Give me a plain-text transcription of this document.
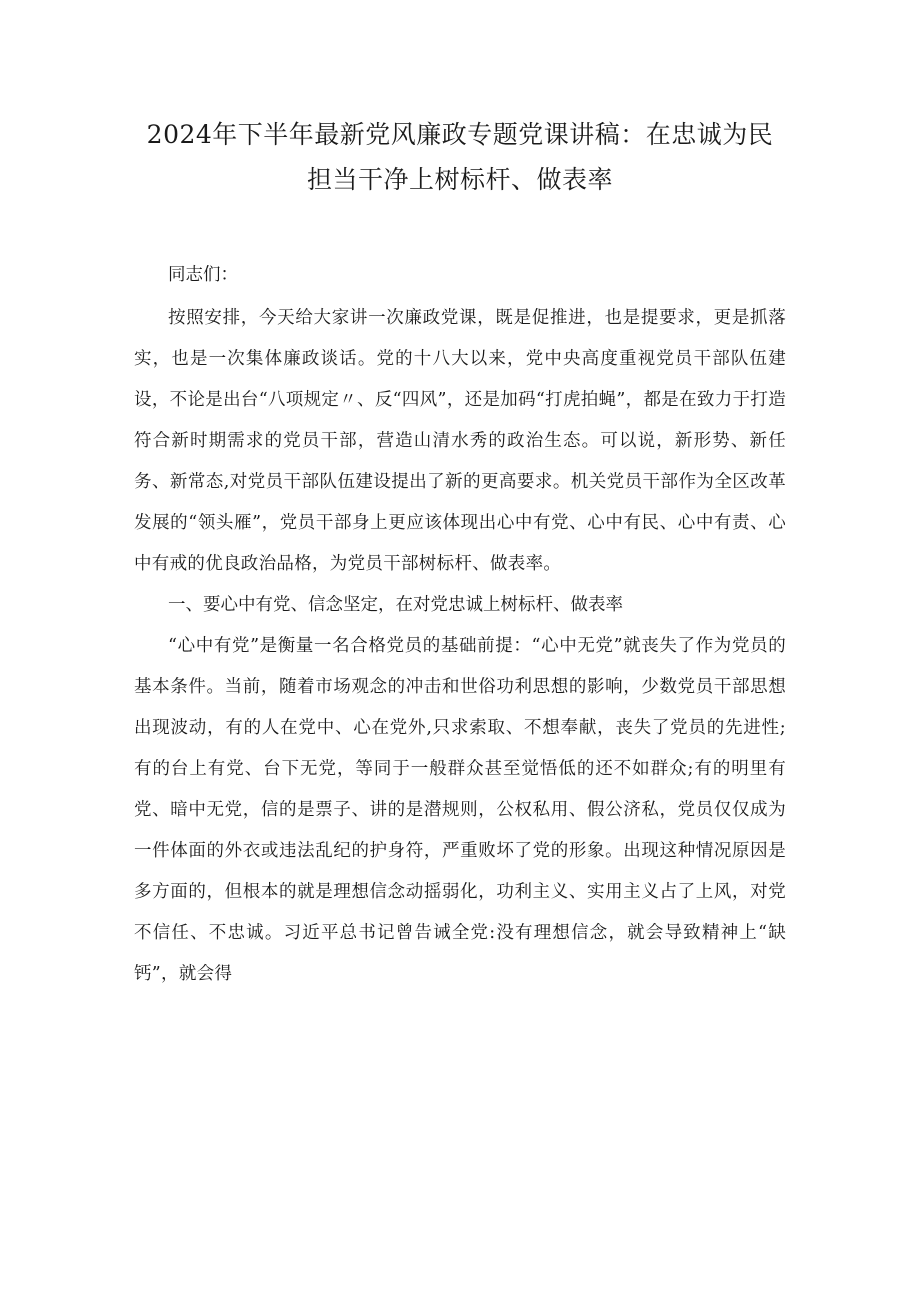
2024年下半年最新党风廉政专题党课讲稿：在忠诚为民担当干净上树标杆、做表率

同志们：

按照安排，今天给大家讲一次廉政党课，既是促推进，也是提要求，更是抓落实，也是一次集体廉政谈话。党的十八大以来，党中央高度重视党员干部队伍建设，不论是出台“八项规定〃、反“四风”，还是加码“打虎拍蝇”，都是在致力于打造符合新时期需求的党员干部，营造山清水秀的政治生态。可以说，新形势、新任务、新常态,对党员干部队伍建设提出了新的更高要求。机关党员干部作为全区改革发展的“领头雁”，党员干部身上更应该体现出心中有党、心中有民、心中有责、心中有戒的优良政治品格，为党员干部树标杆、做表率。

一、要心中有党、信念坚定，在对党忠诚上树标杆、做表率

“心中有党”是衡量一名合格党员的基础前提：“心中无党”就丧失了作为党员的基本条件。当前，随着市场观念的冲击和世俗功利思想的影响，少数党员干部思想出现波动，有的人在党中、心在党外,只求索取、不想奉献，丧失了党员的先进性;有的台上有党、台下无党，等同于一般群众甚至觉悟低的还不如群众;有的明里有党、暗中无党，信的是票子、讲的是潜规则，公权私用、假公济私，党员仅仅成为一件体面的外衣或违法乱纪的护身符，严重败坏了党的形象。出现这种情况原因是多方面的，但根本的就是理想信念动摇弱化，功利主义、实用主义占了上风，对党不信任、不忠诚。习近平总书记曾告诫全党:没有理想信念，就会导致精神上“缺钙”，就会得
